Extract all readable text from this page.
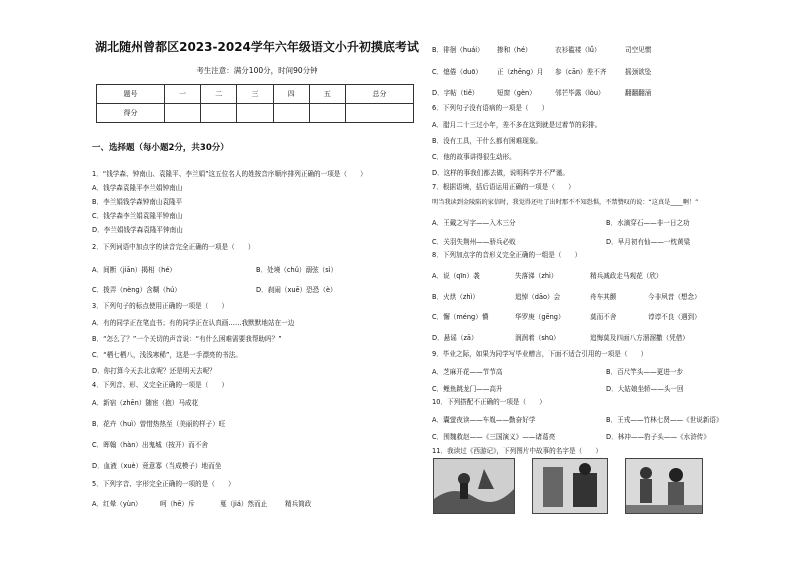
湖北随州曾都区2023-2024学年六年级语文小升初摸底考试
考生注意：满分100分，时间90分钟
题号	一	二	三	四	五	总分
得分						
一、选择题（每小题2分，共30分）
1．“钱学森、钟南山、袁隆平、李兰娟”这五位名人的姓按音序顺序排列正确的一项是（　　）
A．钱学森袁隆平李兰娟钟南山
B．李兰娟钱学森钟南山袁隆平
C．钱学森李兰娟袁隆平钟南山
D．李兰娟钱学森袁隆平钟南山
2．下列词语中加点字的读音完全正确的一项是（　　）
A．间断（jiān）揭相（hé）	B．处境（chǔ）溺弦（sì）
C．拨弄（nèng）含糊（hú）	D．刹闹（xuē）恐恐（è）
3．下列句子的标点使用正确的一项是（　　）
A．有的同学正在笔直书；有的同学正在认真画……我默默地站在一边
B．“怎么了？”一个关切的声音说：“有什么困难需要我帮助吗？”
C．“栖七栖八，浅浅寒稀”，这是一手漂亮的书法。
D．你打算今天去北京呢？还是明天去呢？
4．下列音、形、义完全正确的一项是（　　）
A．新宿（zhēn）随宦（抱）马成花
B．花卉（huì）曾惜热热至（美丽的样子）旺
C．晖翰（hàn）出鬼城（按开）而不舍
D．血液（xuè）竟意寡（当成模子）地而坐
5．下列字音、字形完全正确的一项的是（　　）
A．红晕（yùn）	呵（hē）斥	戛（jiá）然而止	精兵简政
B．徘徊（huái） 掺和（hé）	衣衫褴褛（lǚ）	司空见惯
C．熄倦（duō） 正（zhēng）月 参（cān）差不齐	摇颈欲坠
D．字帖（tiě）	短窗（gèn）	邻芒毕露（lòu）	翻翻翻涌
6．下列句子没有语病的一项是（　　）
A．腊月二十三过小年，差不多在这到就是过着节的彩排。
B．没有工具，干什么都有困难现象。
C．他的故事讲得很生动形。
D．这样的事我们都去做，说明科学并不严谨。
7．根据语境，括后语运用正确的一项是（　　）
明当我读到金陵陷的家信时，我觉得还吐了出时那不不知恐惧，不禁赞叹的说：“这真是____啊！”
A．王戴之写字——入木三分	B．水滴穿石——非一日之功
C．关羽失荆州——骄兵必败	D．早月初有仙——一枕黄粱
8．下列加点字的音形义完全正确的一组是（　　）
A．说（qīn）袭	失落涕（zhì）	精兵减政走马观花（欣）
B．火烘（zhì）	追悼（dāo）会	舟车其颤	今非夙昔（想念）
C．懈（méng）懵	华罗庚（gēng）	莫而不舍	谆谆不良（遇到）
D．悬谣（zā）	润润着（shū）	追悔莫及四面八方溜溜撒（凭借）
9．毕业之际，如果为同学写毕业赠言，下面不适合引用的一项是（　　）
A．芝麻开花——节节高	B．百尺竿头——更进一步
C．鲤鱼跳龙门——高升	D．大姑娘坐轿——头一回
10．下列搭配不正确的一项是（　　）
A．囊萤夜读——车胤——勤奋好学	B．王戎——竹林七贤——《世说新语》
C．围魏救赵——《三国演义》——诸葛亮	D．林冲——豹子头——《水浒传》
11．我读过《西游记》，下列图片中故事的名字是（　　）
